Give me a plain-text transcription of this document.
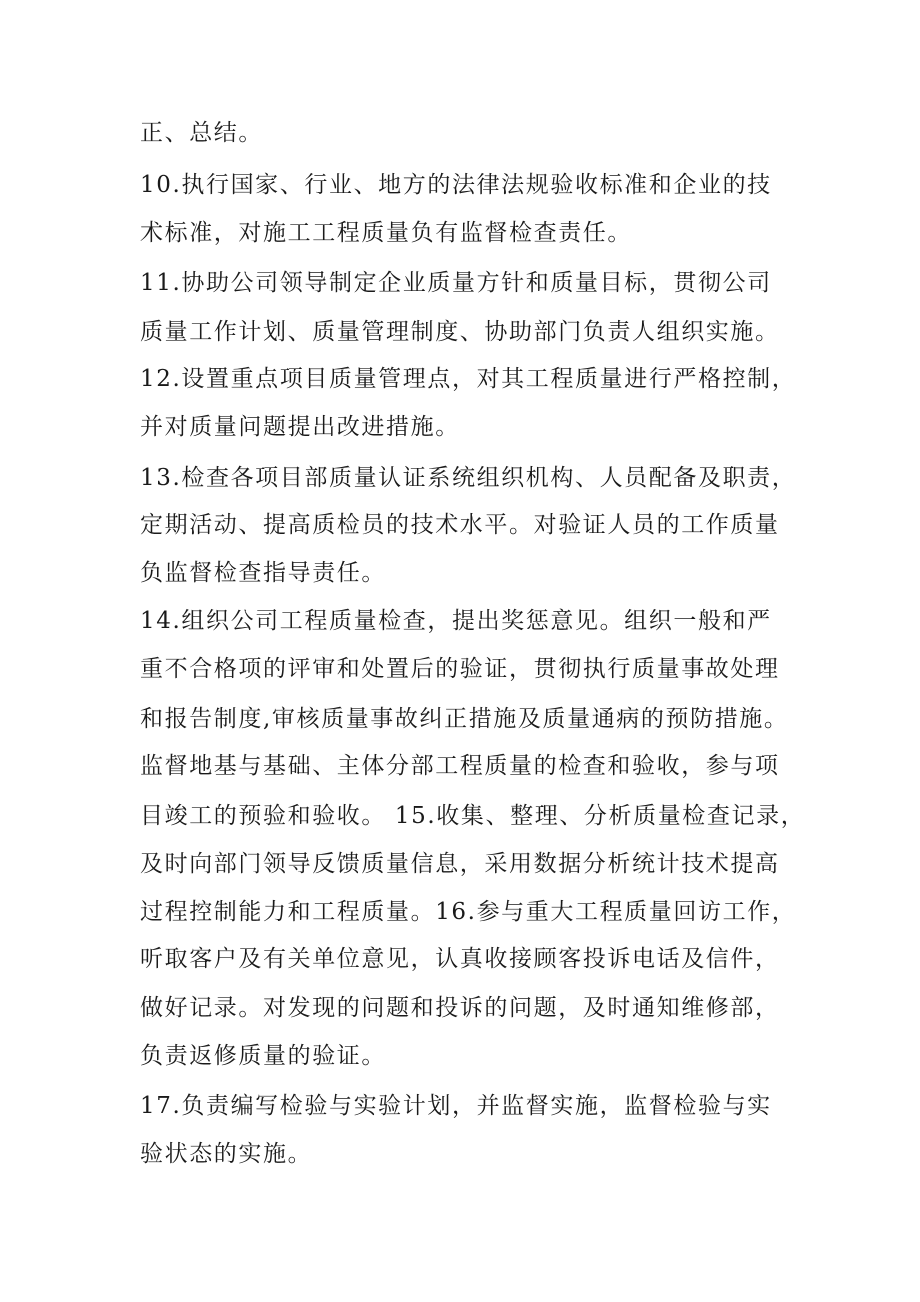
正、总结。

10.执行国家、行业、地方的法律法规验收标准和企业的技

术标准，对施工工程质量负有监督检查责任。

11.协助公司领导制定企业质量方针和质量目标，贯彻公司

质量工作计划、质量管理制度、协助部门负责人组织实施。

12.设置重点项目质量管理点，对其工程质量进行严格控制，

并对质量问题提出改进措施。

13.检查各项目部质量认证系统组织机构、人员配备及职责，

定期活动、提高质检员的技术水平。对验证人员的工作质量

负监督检查指导责任。

14.组织公司工程质量检查，提出奖惩意见。组织一般和严

重不合格项的评审和处置后的验证，贯彻执行质量事故处理

和报告制度,审核质量事故纠正措施及质量通病的预防措施。

监督地基与基础、主体分部工程质量的检查和验收，参与项

目竣工的预验和验收。 15.收集、整理、分析质量检查记录，

及时向部门领导反馈质量信息，采用数据分析统计技术提高

过程控制能力和工程质量。16.参与重大工程质量回访工作，

听取客户及有关单位意见，认真收接顾客投诉电话及信件，

做好记录。对发现的问题和投诉的问题，及时通知维修部，

负责返修质量的验证。

17.负责编写检验与实验计划，并监督实施，监督检验与实

验状态的实施。
